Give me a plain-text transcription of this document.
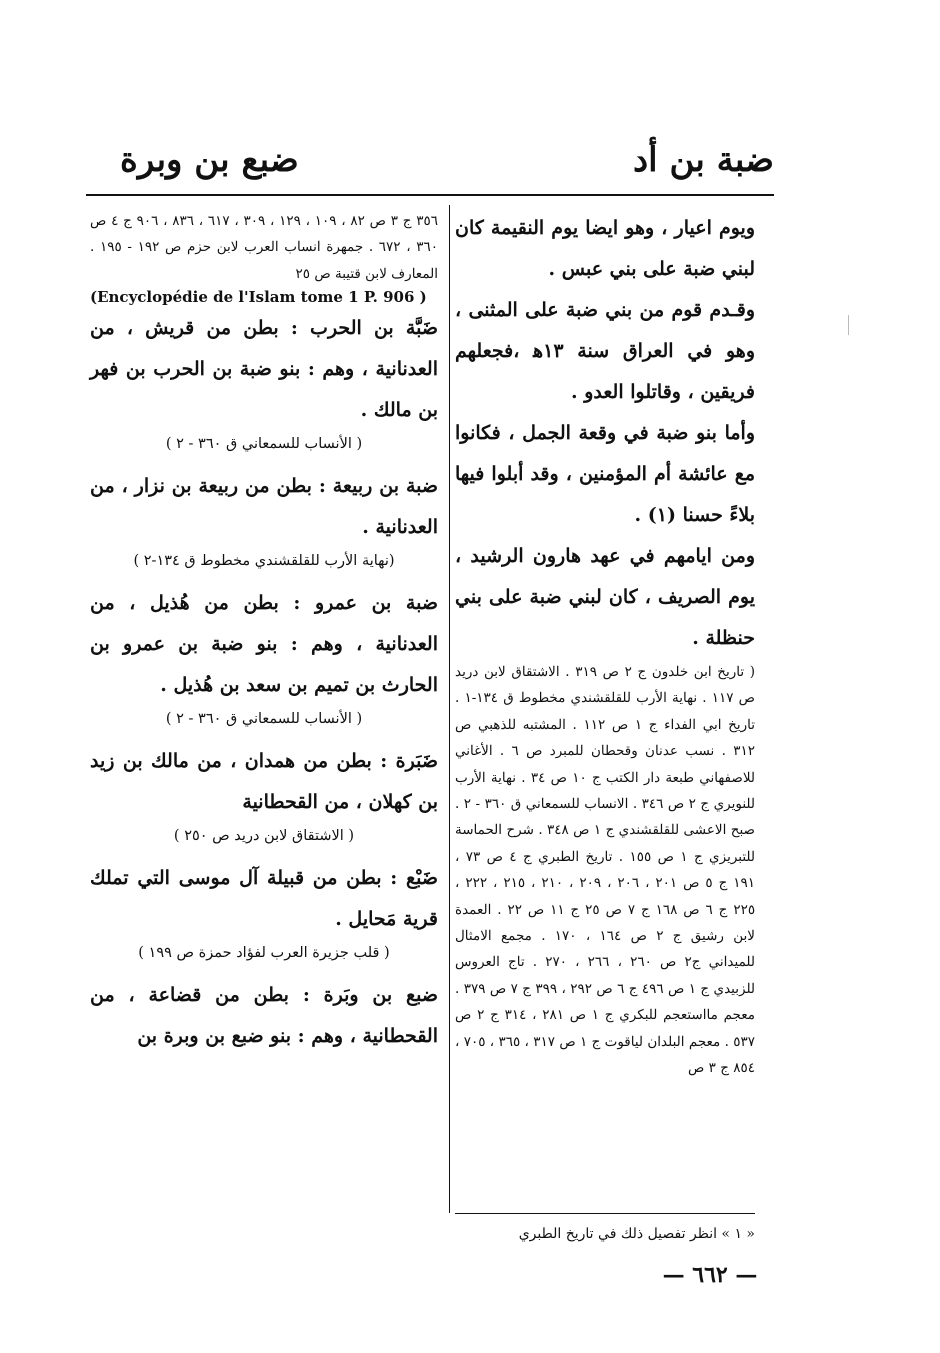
ضبة بن أد
ضبع بن وبرة

ويوم اعيار ، وهو ايضا يوم النقيمة كان لبني ضبة على بني عبس .

وقـدم قوم من بني ضبة على المثنى ، وهو في العراق سنة ١٣ﻫ ،فجعلهم فريقين ، وقاتلوا العدو .

وأما بنو ضبة في وقعة الجمل ، فكانوا مع عائشة أم المؤمنين ، وقد أبلوا فيها بلاءً حسنا (١) .

ومن ايامهم في عهد هارون الرشيد ، يوم الصريف ، كان لبني ضبة على بني حنظلة .

( تاريخ ابن خلدون ج ٢ ص ٣١٩ . الاشتقاق لابن دريد ص ١١٧ . نهاية الأرب للقلقشندي مخطوط ق ١٣٤-١ . تاريخ ابي الفداء ج ١ ص ١١٢ . المشتبه للذهبي ص ٣١٢ . نسب عدنان وقحطان للمبرد ص ٦ . الأغاني للاصفهاني طبعة دار الكتب ج ١٠ ص ٣٤ . نهاية الأرب للنويري ج ٢ ص ٣٤٦ . الانساب للسمعاني ق ٣٦٠ - ٢ . صبح الاعشى للقلقشندي ج ١ ص ٣٤٨ . شرح الحماسة للتبريزي ج ١ ص ١٥٥ . تاريخ الطبري ج ٤ ص ٧٣ ، ١٩١ ج ٥ ص ٢٠١ ، ٢٠٦ ، ٢٠٩ ، ٢١٠ ، ٢١٥ ، ٢٢٢ ، ٢٢٥ ج ٦ ص ١٦٨ ج ٧ ص ٢٥ ج ١١ ص ٢٢ . العمدة لابن رشيق ج ٢ ص ١٦٤ ، ١٧٠ . مجمع الامثال للميداني ج٢ ص ٢٦٠ ، ٢٦٦ ، ٢٧٠ . تاج العروس للزبيدي ج ١ ص ٤٩٦ ج ٦ ص ٢٩٢ ، ٣٩٩ ج ٧ ص ٣٧٩ . معجم مااستعجم للبكري ج ١ ص ٢٨١ ، ٣١٤ ج ٢ ص ٥٣٧ . معجم البلدان لياقوت ج ١ ص ٣١٧ ، ٣٦٥ ، ٧٠٥ ، ٨٥٤ ج ٣ ص

٣٥٦ ج ٣ ص ٨٢ ، ١٠٩ ، ١٢٩ ، ٣٠٩ ، ٦١٧ ، ٨٣٦ ، ٩٠٦ ج ٤ ص ٣٦٠ ، ٦٧٢ . جمهرة انساب العرب لابن حزم ص ١٩٢ - ١٩٥ . المعارف لابن قتيبة ص ٢٥

(Encyclopédie de l'Islam tome 1 P. 906 )

ضَبَّة بن الحرب : بطن من قريش ، من العدنانية ، وهم : بنو ضبة بن الحرب بن فهر بن مالك .

( الأنساب للسمعاني ق ٣٦٠ - ٢ )

ضبة بن ربيعة : بطن من ربيعة بن نزار ، من العدنانية .

(نهاية الأرب للقلقشندي مخطوط ق ١٣٤-٢ )

ضبة بن عمرو : بطن من هُذيل ، من العدنانية ، وهم : بنو ضبة بن عمرو بن الحارث بن تميم بن سعد بن هُذيل .

( الأنساب للسمعاني ق ٣٦٠ - ٢ )

ضَبَرة : بطن من همدان ، من مالك بن زيد بن كهلان ، من القحطانية

( الاشتقاق لابن دريد ص ٢٥٠ )

ضَبْع : بطن من قبيلة آل موسى التي تملك قرية مَحايل .

( قلب جزيرة العرب لفؤاد حمزة ص ١٩٩ )

ضبع بن وبَرة : بطن من قضاعة ، من القحطانية ، وهم : بنو ضبع بن وبرة بن

« ١ » انظر تفصيل ذلك في تاريخ الطبري
— ٦٦٢ —
